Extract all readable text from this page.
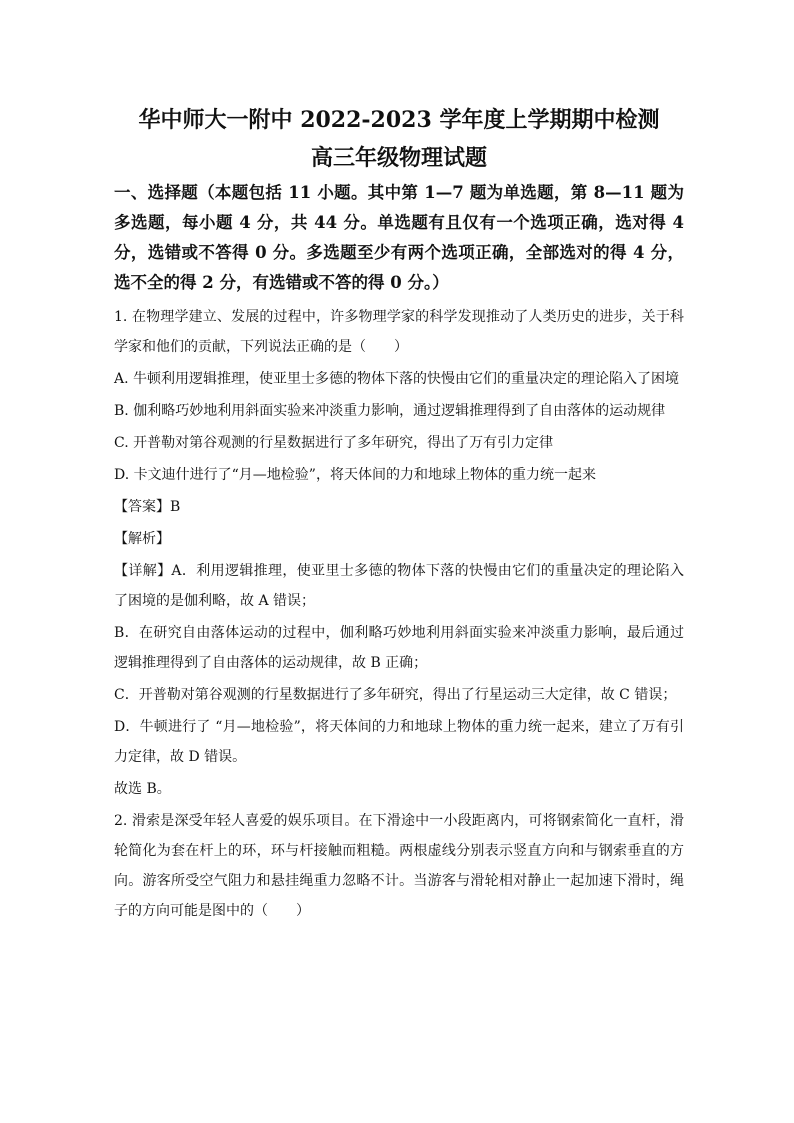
华中师大一附中 2022-2023 学年度上学期期中检测
高三年级物理试题
一、选择题（本题包括 11 小题。其中第 1—7 题为单选题，第 8—11 题为多选题，每小题 4 分，共 44 分。单选题有且仅有一个选项正确，选对得 4 分，选错或不答得 0 分。多选题至少有两个选项正确，全部选对的得 4 分，选不全的得 2 分，有选错或不答的得 0 分。）
1. 在物理学建立、发展的过程中，许多物理学家的科学发现推动了人类历史的进步，关于科学家和他们的贡献，下列说法正确的是（　　）
A. 牛顿利用逻辑推理，使亚里士多德的物体下落的快慢由它们的重量决定的理论陷入了困境
B. 伽利略巧妙地利用斜面实验来冲淡重力影响，通过逻辑推理得到了自由落体的运动规律
C. 开普勒对第谷观测的行星数据进行了多年研究，得出了万有引力定律
D. 卡文迪什进行了“月—地检验”，将天体间的力和地球上物体的重力统一起来
【答案】B
【解析】
【详解】A．利用逻辑推理，使亚里士多德的物体下落的快慢由它们的重量决定的理论陷入了困境的是伽利略，故 A 错误；
B．在研究自由落体运动的过程中，伽利略巧妙地利用斜面实验来冲淡重力影响，最后通过逻辑推理得到了自由落体的运动规律，故 B 正确；
C．开普勒对第谷观测的行星数据进行了多年研究，得出了行星运动三大定律，故 C 错误；
D．牛顿进行了 “月—地检验”，将天体间的力和地球上物体的重力统一起来，建立了万有引力定律，故 D 错误。
故选 B。
2. 滑索是深受年轻人喜爱的娱乐项目。在下滑途中一小段距离内，可将钢索简化一直杆，滑轮简化为套在杆上的环，环与杆接触而粗糙。两根虚线分别表示竖直方向和与钢索垂直的方向。游客所受空气阻力和悬挂绳重力忽略不计。当游客与滑轮相对静止一起加速下滑时，绳子的方向可能是图中的（　　）
